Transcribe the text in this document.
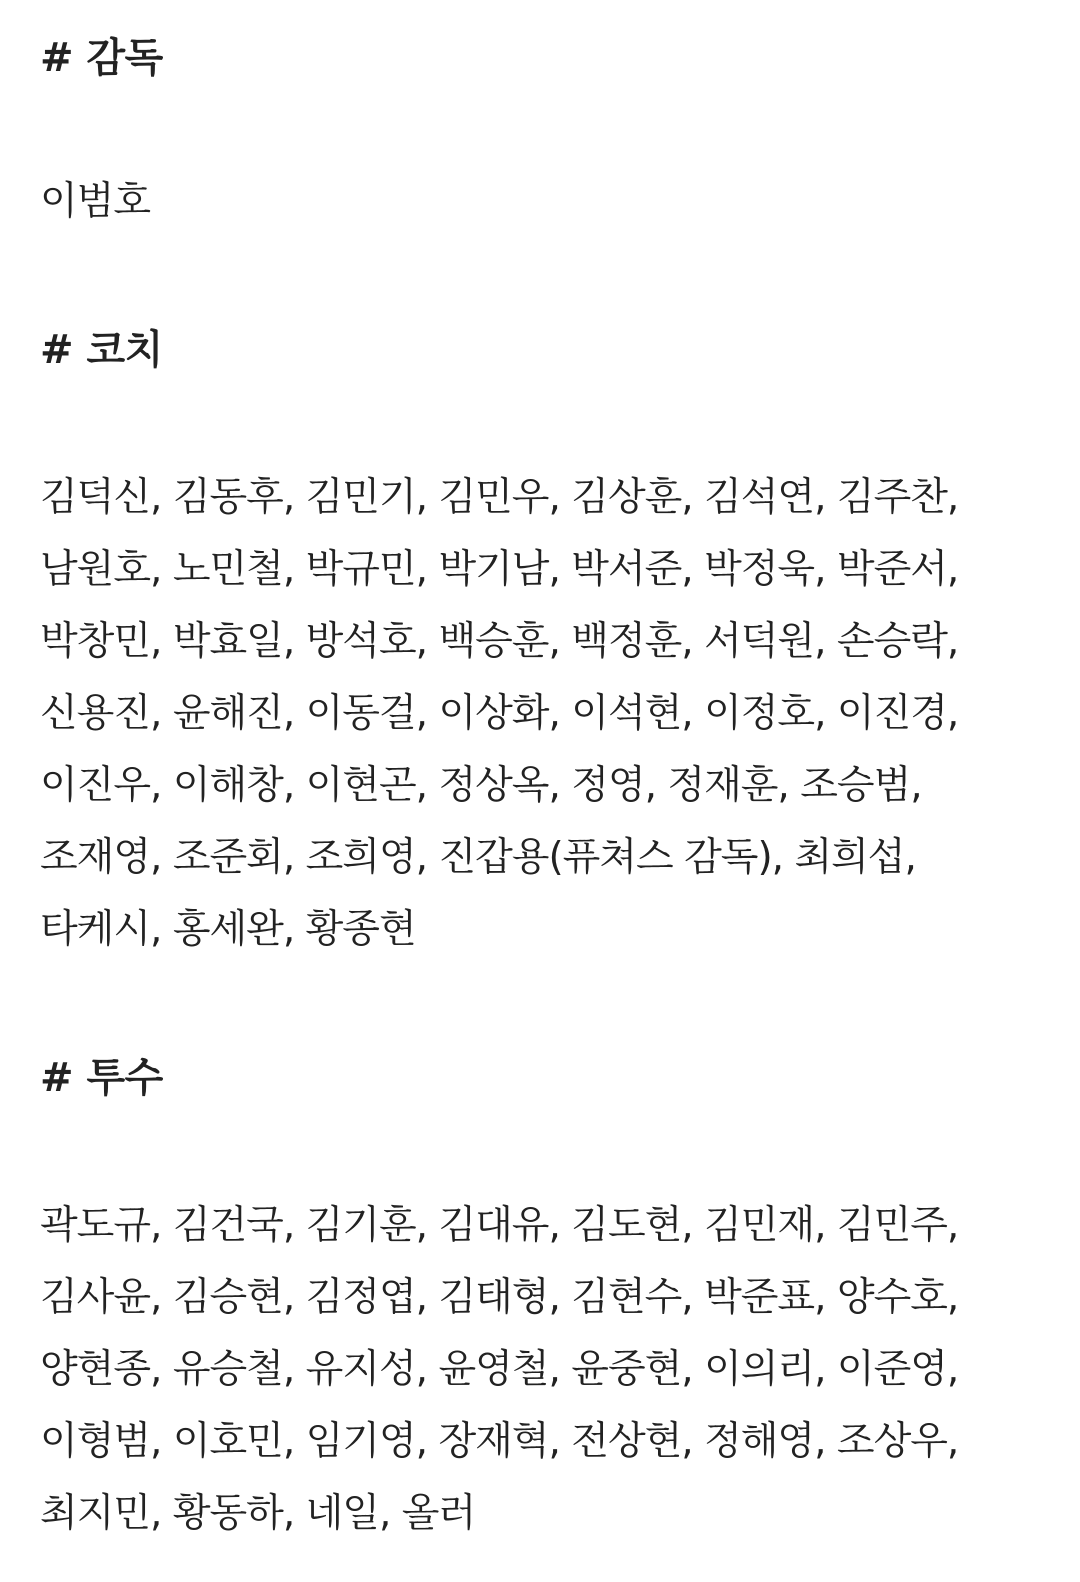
# 감독

이범호

# 코치

김덕신, 김동후, 김민기, 김민우, 김상훈, 김석연, 김주찬, 남원호, 노민철, 박규민, 박기남, 박서준, 박정욱, 박준서, 박창민, 박효일, 방석호, 백승훈, 백정훈, 서덕원, 손승락, 신용진, 윤해진, 이동걸, 이상화, 이석현, 이정호, 이진경, 이진우, 이해창, 이현곤, 정상옥, 정영, 정재훈, 조승범, 조재영, 조준회, 조희영, 진갑용(퓨쳐스 감독), 최희섭, 타케시, 홍세완, 황종현

# 투수

곽도규, 김건국, 김기훈, 김대유, 김도현, 김민재, 김민주, 김사윤, 김승현, 김정엽, 김태형, 김현수, 박준표, 양수호, 양현종, 유승철, 유지성, 윤영철, 윤중현, 이의리, 이준영, 이형범, 이호민, 임기영, 장재혁, 전상현, 정해영, 조상우, 최지민, 황동하, 네일, 올러
